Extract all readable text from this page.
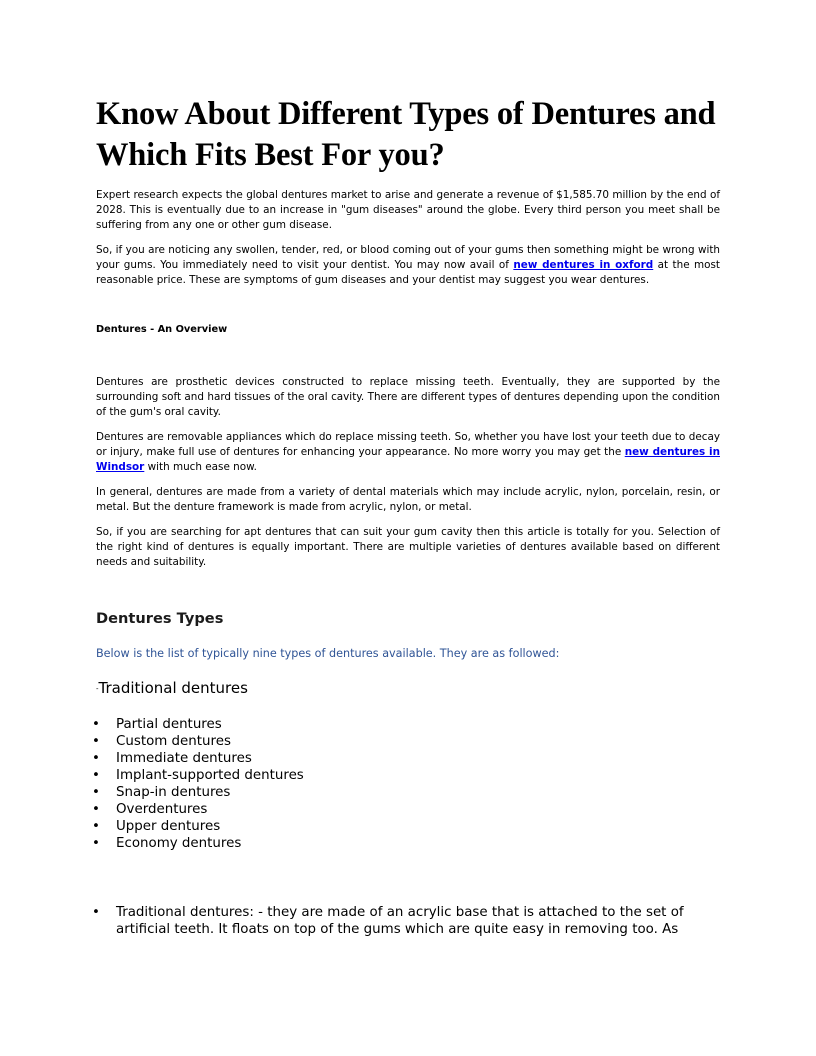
Know About Different Types of Dentures and Which Fits Best For you?

Expert research expects the global dentures market to arise and generate a revenue of $1,585.70 million by the end of 2028. This is eventually due to an increase in "gum diseases" around the globe. Every third person you meet shall be suffering from any one or other gum disease.

So, if you are noticing any swollen, tender, red, or blood coming out of your gums then something might be wrong with your gums. You immediately need to visit your dentist. You may now avail of new dentures in oxford at the most reasonable price. These are symptoms of gum diseases and your dentist may suggest you wear dentures.

Dentures - An Overview

Dentures are prosthetic devices constructed to replace missing teeth. Eventually, they are supported by the surrounding soft and hard tissues of the oral cavity. There are different types of dentures depending upon the condition of the gum's oral cavity.

Dentures are removable appliances which do replace missing teeth. So, whether you have lost your teeth due to decay or injury, make full use of dentures for enhancing your appearance. No more worry you may get the new dentures in Windsor with much ease now.

In general, dentures are made from a variety of dental materials which may include acrylic, nylon, porcelain, resin, or metal. But the denture framework is made from acrylic, nylon, or metal.

So, if you are searching for apt dentures that can suit your gum cavity then this article is totally for you. Selection of the right kind of dentures is equally important. There are multiple varieties of dentures available based on different needs and suitability.

Dentures Types

Below is the list of typically nine types of dentures available. They are as followed:

-Traditional dentures

• Partial dentures
• Custom dentures
• Immediate dentures
• Implant-supported dentures
• Snap-in dentures
• Overdentures
• Upper dentures
• Economy dentures
• Traditional dentures: - they are made of an acrylic base that is attached to the set of artificial teeth. It floats on top of the gums which are quite easy in removing too. As
